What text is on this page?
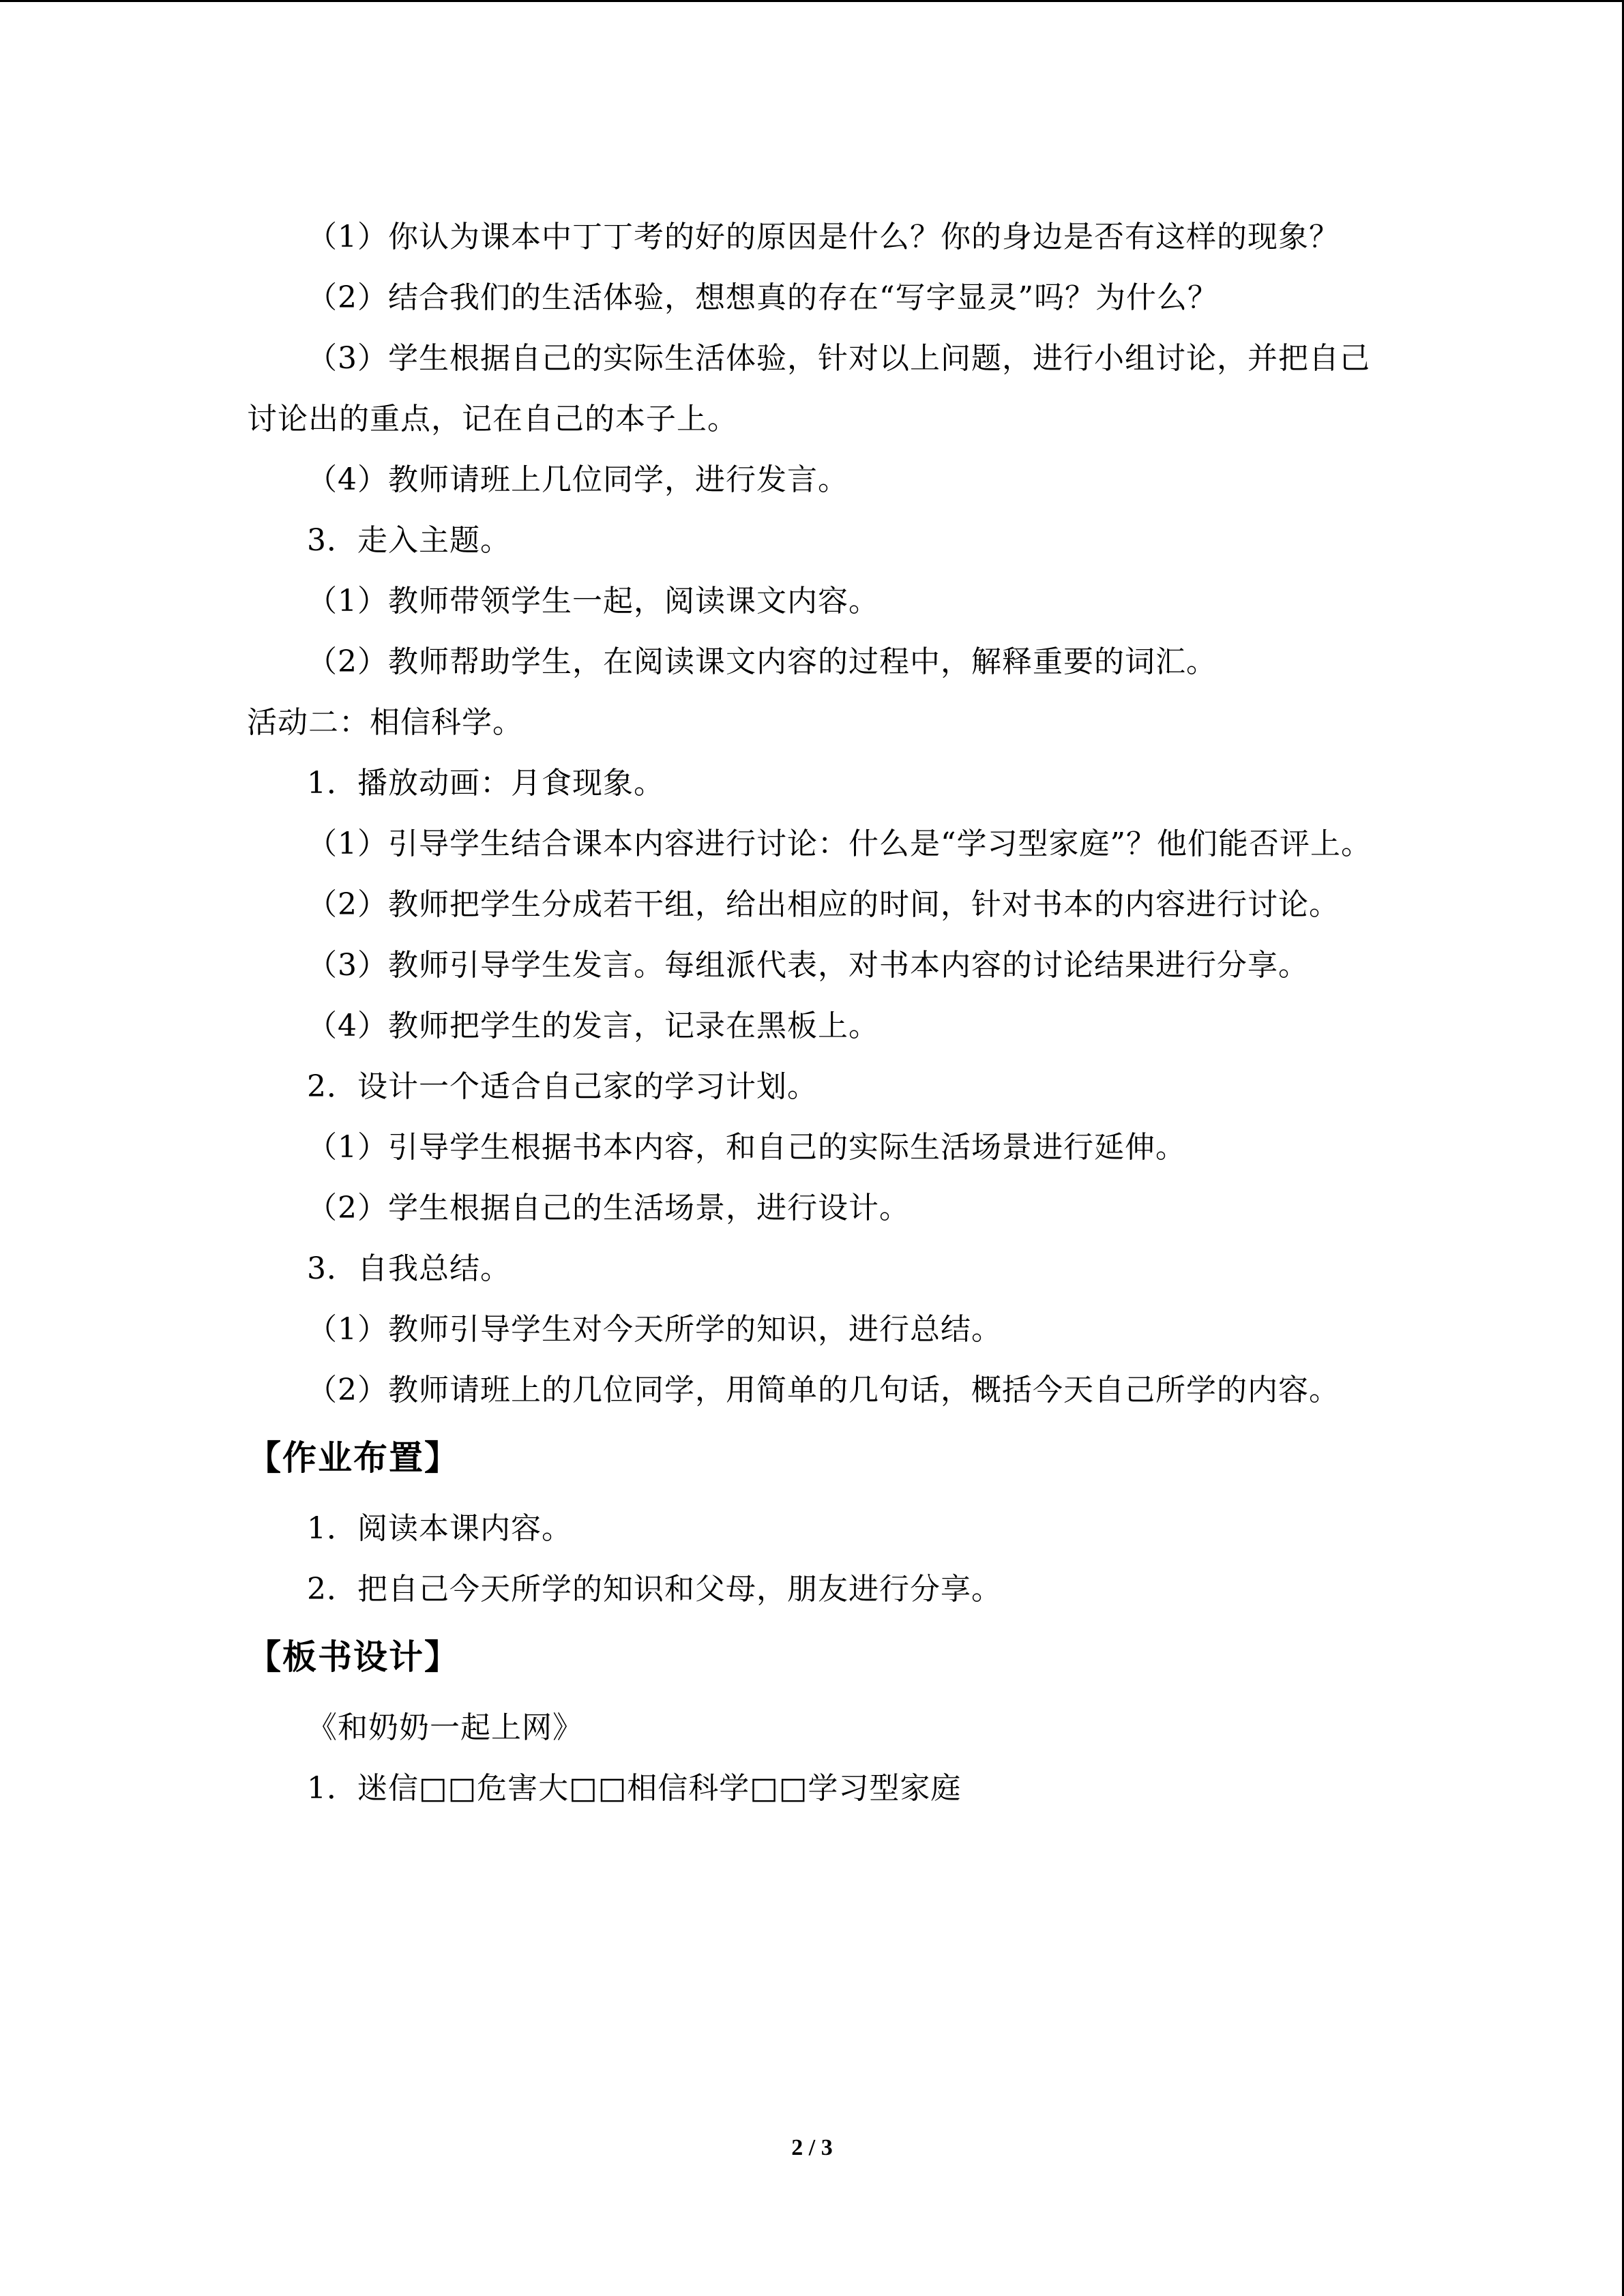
（1）你认为课本中丁丁考的好的原因是什么？你的身边是否有这样的现象？

（2）结合我们的生活体验，想想真的存在“写字显灵”吗？为什么？

（3）学生根据自己的实际生活体验，针对以上问题，进行小组讨论，并把自己讨论出的重点，记在自己的本子上。

（4）教师请班上几位同学，进行发言。

3．走入主题。

（1）教师带领学生一起，阅读课文内容。

（2）教师帮助学生，在阅读课文内容的过程中，解释重要的词汇。

活动二：相信科学。

1．播放动画：月食现象。

（1）引导学生结合课本内容进行讨论：什么是“学习型家庭”？他们能否评上。

（2）教师把学生分成若干组，给出相应的时间，针对书本的内容进行讨论。

（3）教师引导学生发言。每组派代表，对书本内容的讨论结果进行分享。

（4）教师把学生的发言，记录在黑板上。

2．设计一个适合自己家的学习计划。

（1）引导学生根据书本内容，和自己的实际生活场景进行延伸。

（2）学生根据自己的生活场景，进行设计。

3．自我总结。

（1）教师引导学生对今天所学的知识，进行总结。

（2）教师请班上的几位同学，用简单的几句话，概括今天自己所学的内容。

【作业布置】

1．阅读本课内容。

2．把自己今天所学的知识和父母，朋友进行分享。

【板书设计】

《和奶奶一起上网》

1．迷信□□危害大□□相信科学□□学习型家庭

2 / 3
